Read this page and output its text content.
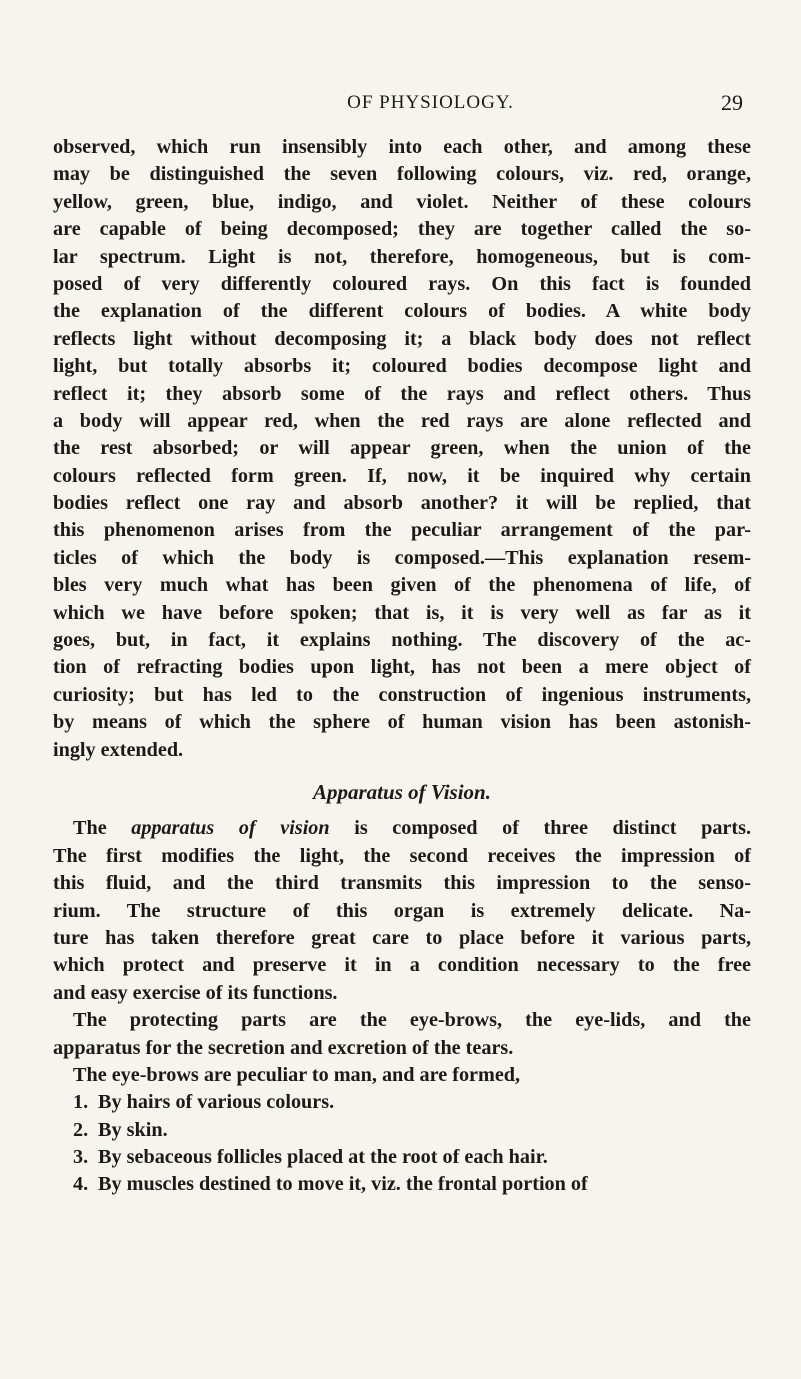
OF PHYSIOLOGY.	29
observed, which run insensibly into each other, and among these
may be distinguished the seven following colours, viz. red, orange,
yellow, green, blue, indigo, and violet. Neither of these colours
are capable of being decomposed; they are together called the so-
lar spectrum. Light is not, therefore, homogeneous, but is com-
posed of very differently coloured rays. On this fact is founded
the explanation of the different colours of bodies. A white body
reflects light without decomposing it; a black body does not reflect
light, but totally absorbs it; coloured bodies decompose light and
reflect it; they absorb some of the rays and reflect others. Thus
a body will appear red, when the red rays are alone reflected and
the rest absorbed; or will appear green, when the union of the
colours reflected form green. If, now, it be inquired why certain
bodies reflect one ray and absorb another? it will be replied, that
this phenomenon arises from the peculiar arrangement of the par-
ticles of which the body is composed.—This explanation resem-
bles very much what has been given of the phenomena of life, of
which we have before spoken; that is, it is very well as far as it
goes, but, in fact, it explains nothing. The discovery of the ac-
tion of refracting bodies upon light, has not been a mere object of
curiosity; but has led to the construction of ingenious instruments,
by means of which the sphere of human vision has been astonish-
ingly extended.
Apparatus of Vision.
The apparatus of vision is composed of three distinct parts.
The first modifies the light, the second receives the impression of
this fluid, and the third transmits this impression to the senso-
rium. The structure of this organ is extremely delicate. Na-
ture has taken therefore great care to place before it various parts,
which protect and preserve it in a condition necessary to the free
and easy exercise of its functions.
The protecting parts are the eye-brows, the eye-lids, and the
apparatus for the secretion and excretion of the tears.
The eye-brows are peculiar to man, and are formed,
1. By hairs of various colours.
2. By skin.
3. By sebaceous follicles placed at the root of each hair.
4. By muscles destined to move it, viz. the frontal portion of
